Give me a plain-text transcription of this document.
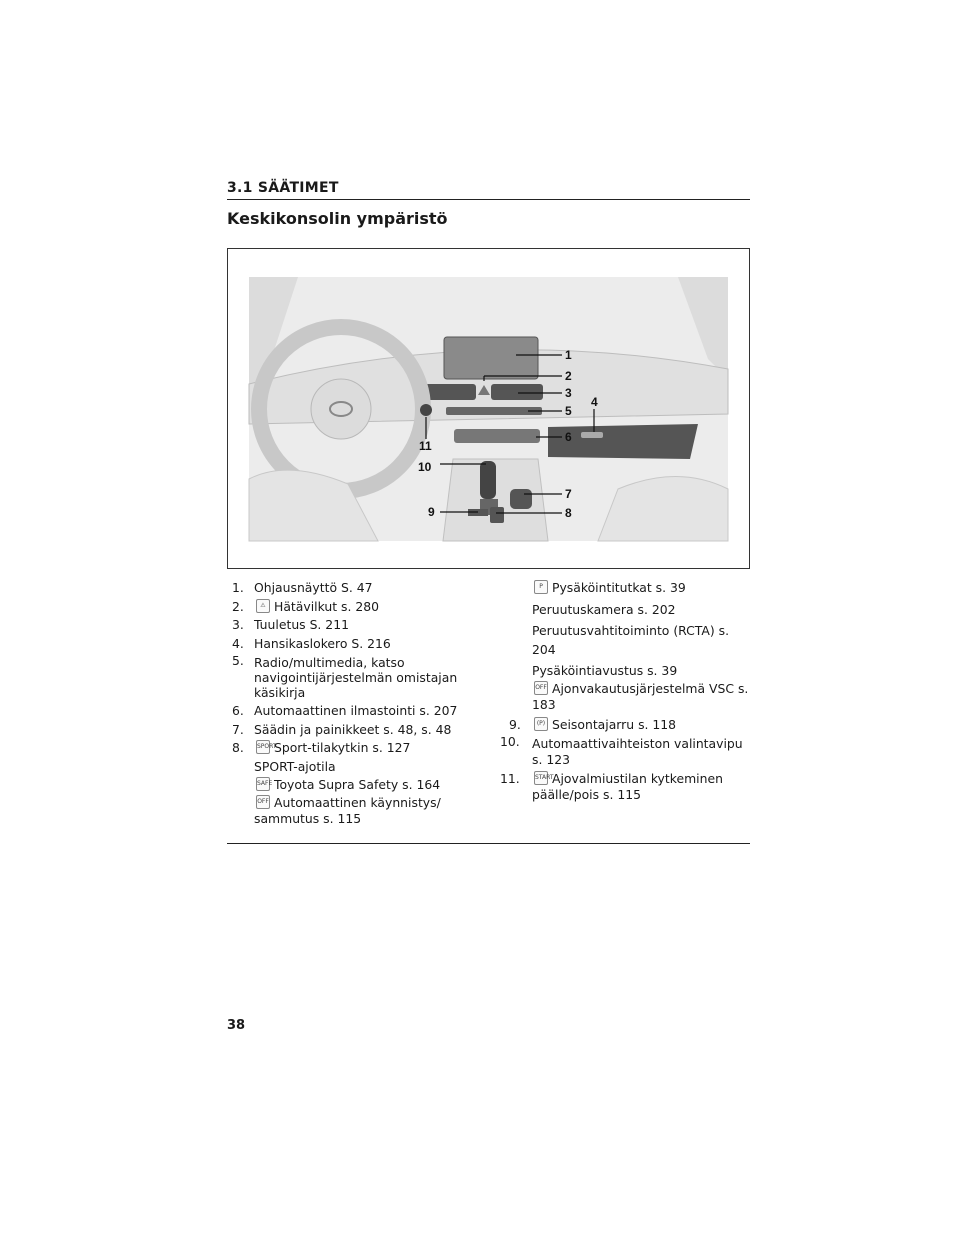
3.1 SÄÄTIMET
Keskikonsolin ympäristö
1
2
3
4
5
6
7
8
9
10
11
1. Ohjausnäyttö S. 47
2.	⚠ Hätävilkut s. 280
3. Tuuletus S. 211
4. Hansikaslokero S. 216
5. Radio/multimedia, katso navigointijärjestelmän omistajan käsikirja
6. Automaattinen ilmastointi s. 207
7. Säädin ja painikkeet s. 48, s. 48
8. SPORT
Sport-tilakytkin s. 127
SPORT-ajotila
SAFE Toyota Supra Safety s. 164
OFF Automaattinen käynnistys/ sammutus s. 115
P Pysäköintitutkat s. 39
Peruutuskamera s. 202
Peruutusvahtitoiminto (RCTA) s. 204
Pysäköintiavustus s. 39
OFF Ajonvakautusjärjestelmä VSC s. 183
9.	(P) Seisontajarru s. 118
10. Automaattivaihteiston valintavipu s. 123
11.	START
Ajovalmiustilan kytkeminen päälle/pois s. 115
38
